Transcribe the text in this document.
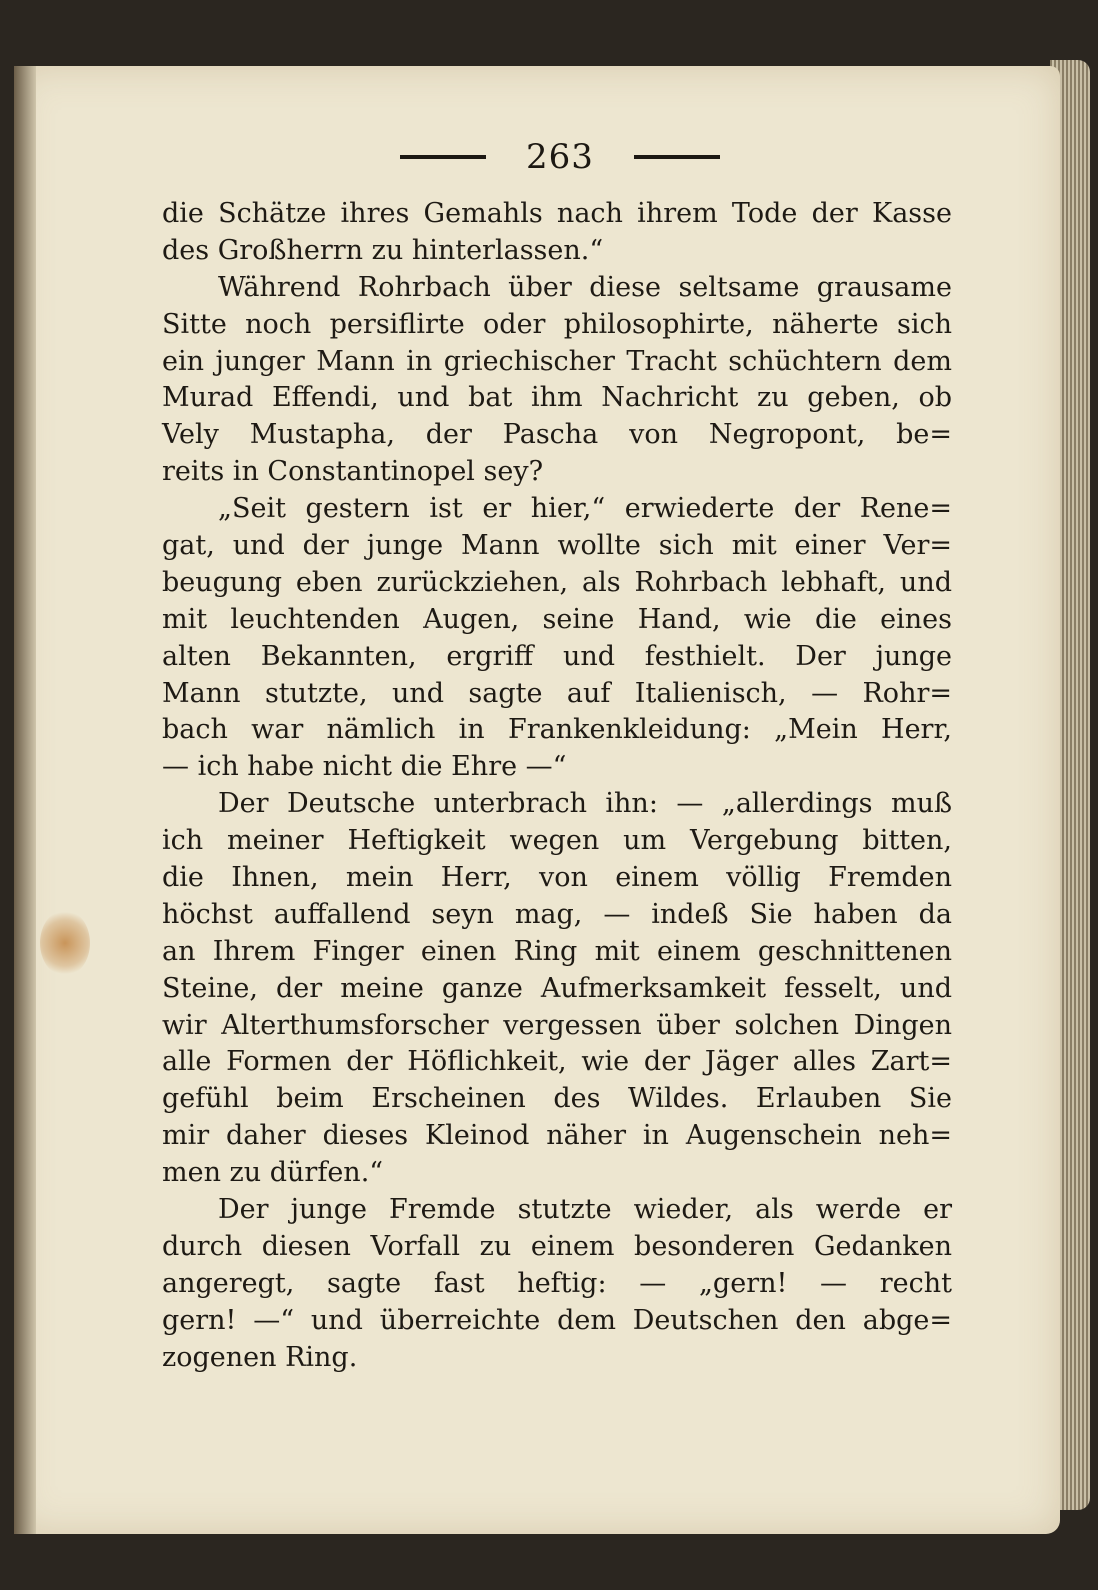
263
die Schätze ihres Gemahls nach ihrem Tode der Kasse
des Großherrn zu hinterlassen.“
Während Rohrbach über diese seltsame grausame
Sitte noch persiflirte oder philosophirte, näherte sich
ein junger Mann in griechischer Tracht schüchtern dem
Murad Effendi, und bat ihm Nachricht zu geben, ob
Vely Mustapha, der Pascha von Negropont, be=
reits in Constantinopel sey?
„Seit gestern ist er hier,“ erwiederte der Rene=
gat, und der junge Mann wollte sich mit einer Ver=
beugung eben zurückziehen, als Rohrbach lebhaft, und
mit leuchtenden Augen, seine Hand, wie die eines
alten Bekannten, ergriff und festhielt. Der junge
Mann stutzte, und sagte auf Italienisch, — Rohr=
bach war nämlich in Frankenkleidung: „Mein Herr,
— ich habe nicht die Ehre —“
Der Deutsche unterbrach ihn: — „allerdings muß
ich meiner Heftigkeit wegen um Vergebung bitten,
die Ihnen, mein Herr, von einem völlig Fremden
höchst auffallend seyn mag, — indeß Sie haben da
an Ihrem Finger einen Ring mit einem geschnittenen
Steine, der meine ganze Aufmerksamkeit fesselt, und
wir Alterthumsforscher vergessen über solchen Dingen
alle Formen der Höflichkeit, wie der Jäger alles Zart=
gefühl beim Erscheinen des Wildes. Erlauben Sie
mir daher dieses Kleinod näher in Augenschein neh=
men zu dürfen.“
Der junge Fremde stutzte wieder, als werde er
durch diesen Vorfall zu einem besonderen Gedanken
angeregt, sagte fast heftig: — „gern! — recht
gern! —“ und überreichte dem Deutschen den abge=
zogenen Ring.
